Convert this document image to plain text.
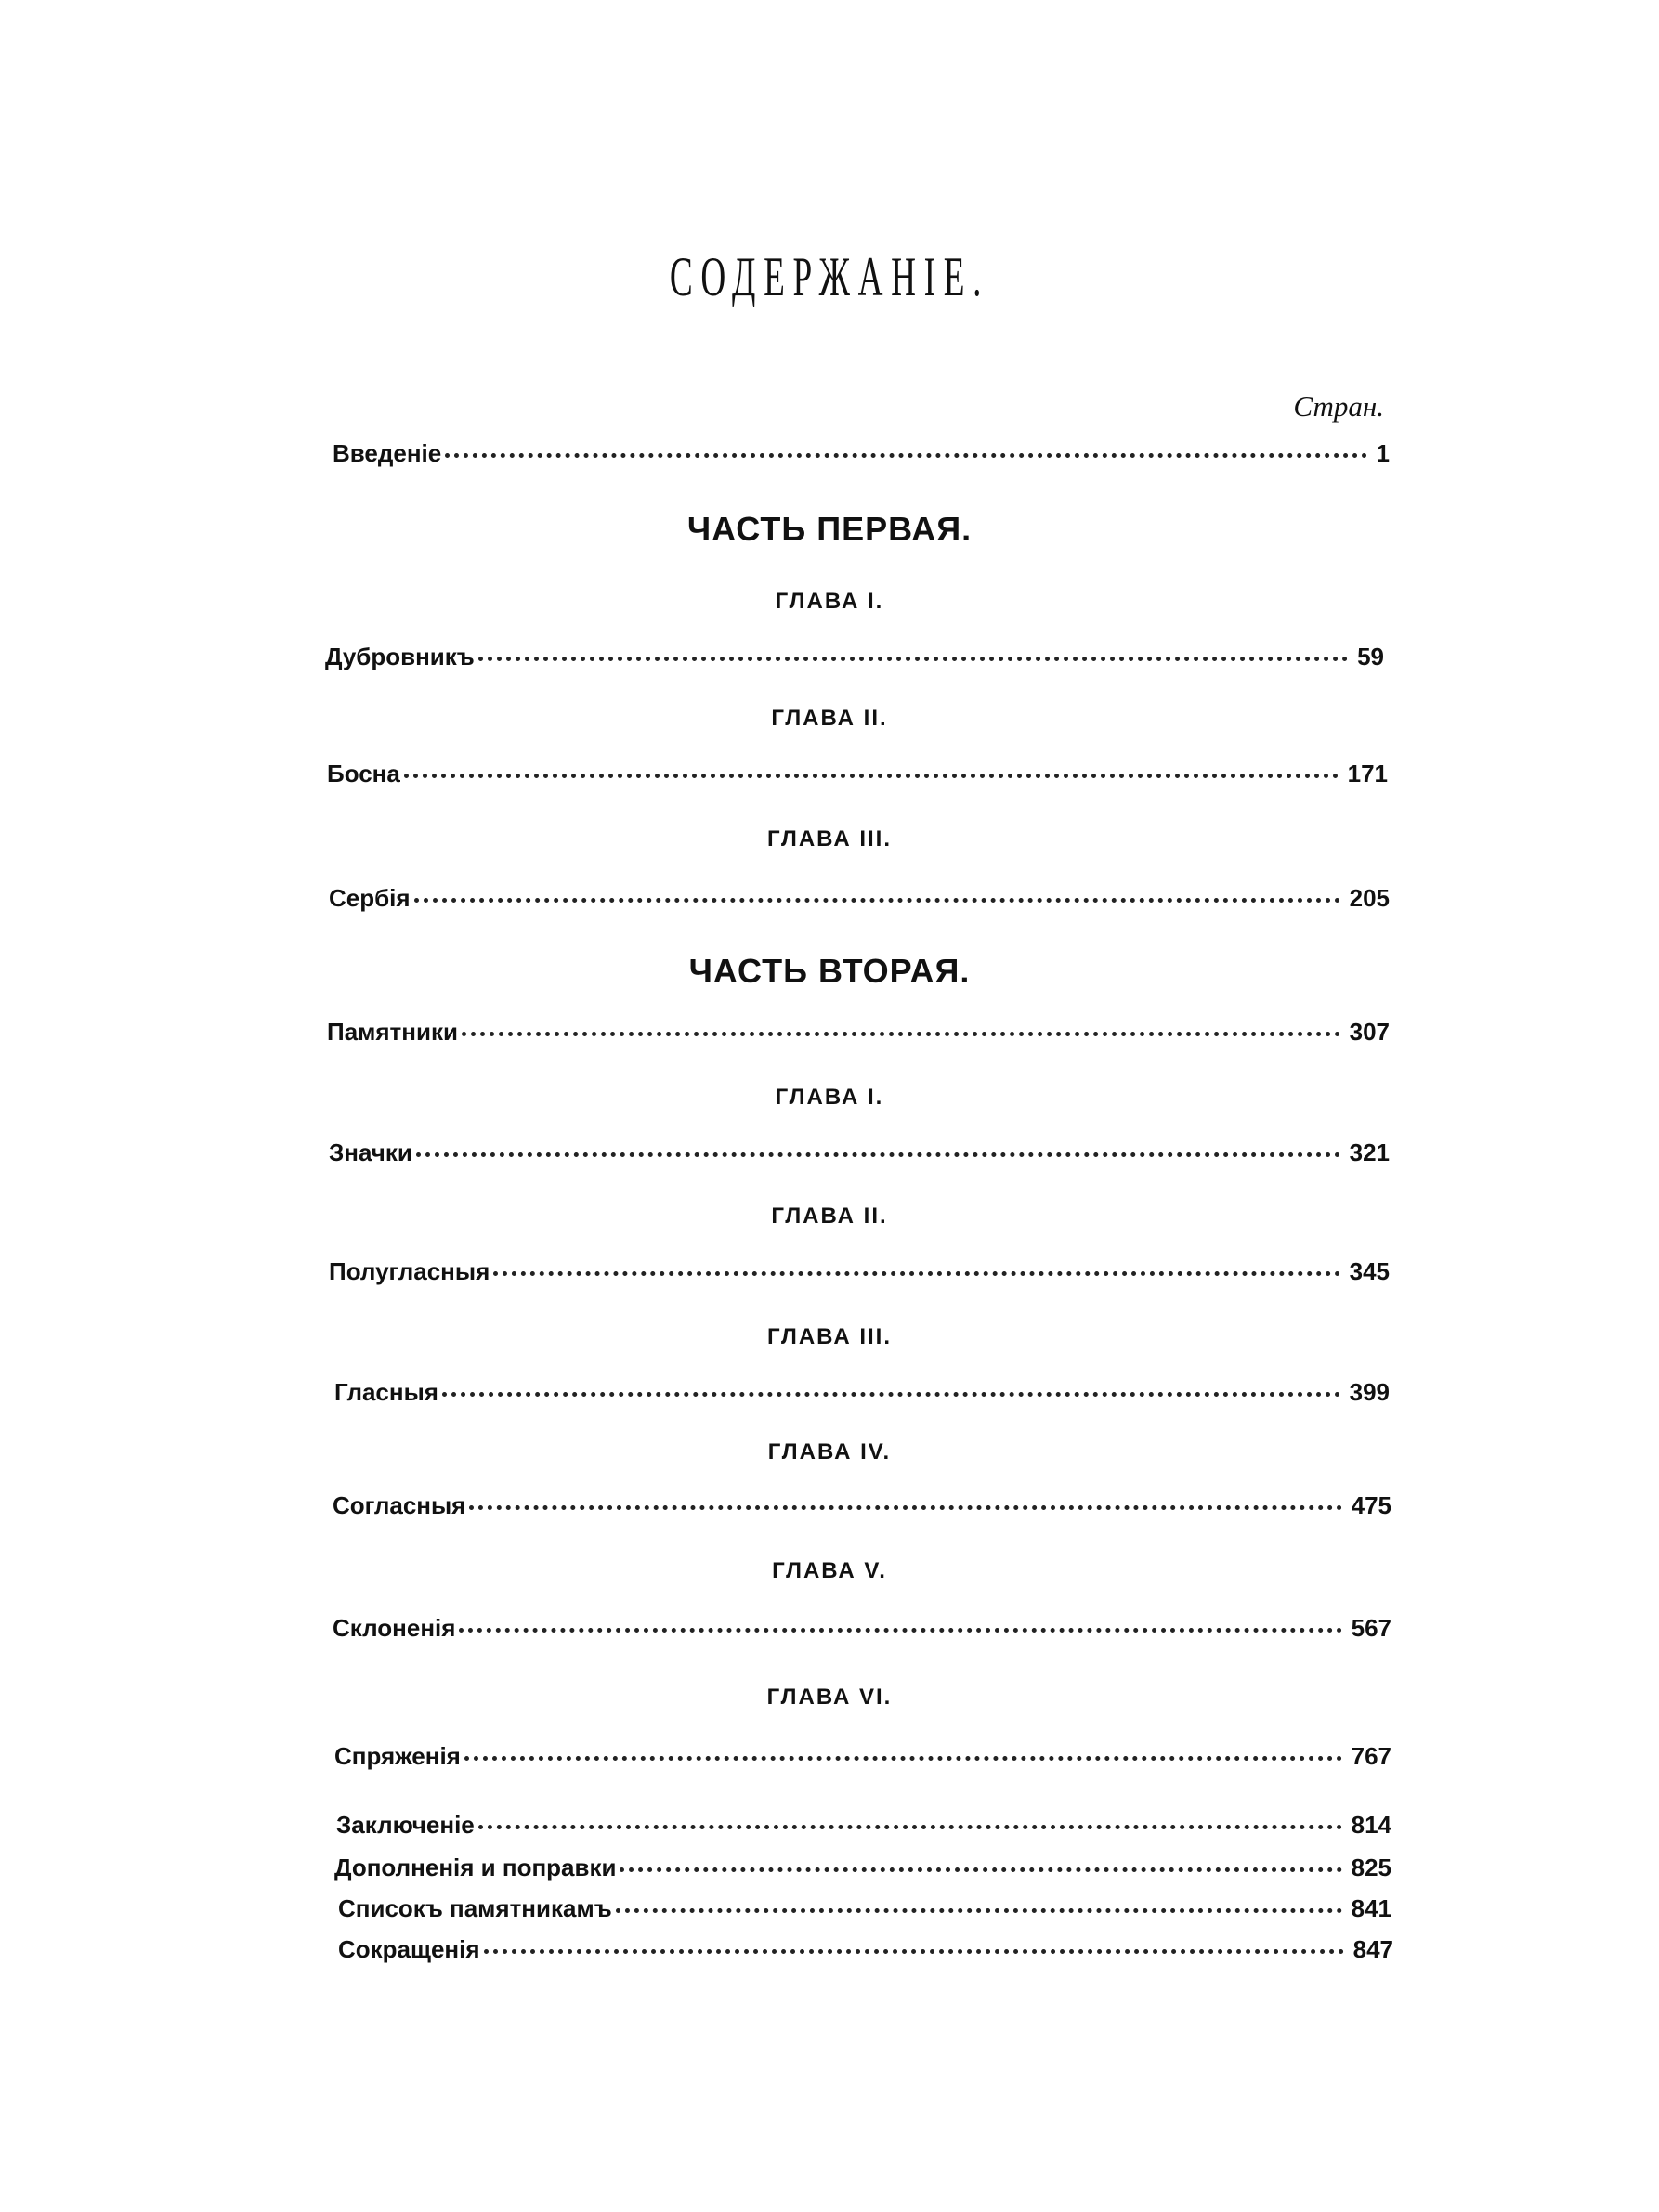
СОДЕРЖАНІЕ.
Стран.
Введеніе	1
ЧАСТЬ ПЕРВАЯ.
ГЛАВА I.
Дубровникъ	59
ГЛАВА II.
Босна	171
ГЛАВА III.
Сербія	205
ЧАСТЬ ВТОРАЯ.
Памятники	307
ГЛАВА I.
Значки	321
ГЛАВА II.
Полугласныя	345
ГЛАВА III.
Гласныя	399
ГЛАВА IV.
Согласныя	475
ГЛАВА V.
Склоненія	567
ГЛАВА VI.
Спряженія	767
Заключеніе	814
Дополненія и поправки	825
Списокъ памятникамъ	841
Сокращенія	847
